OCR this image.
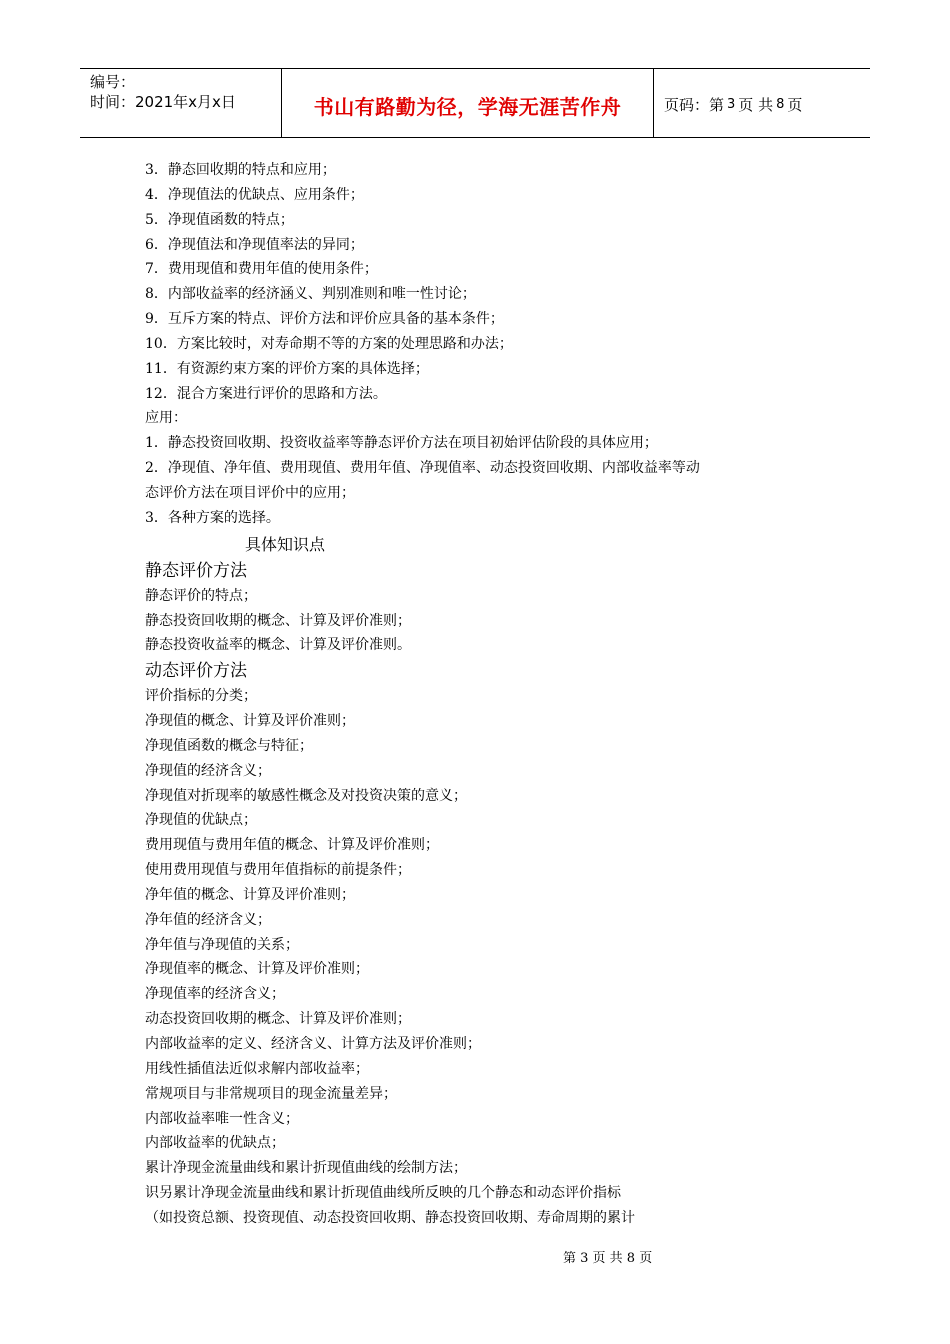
编号：
时间：2021年x月x日	书山有路勤为径，学海无涯苦作舟	页码：第 3 页 共 8 页
3．静态回收期的特点和应用；
4．净现值法的优缺点、应用条件；
5．净现值函数的特点；
6．净现值法和净现值率法的异同；
7．费用现值和费用年值的使用条件；
8．内部收益率的经济涵义、判别准则和唯一性讨论；
9．互斥方案的特点、评价方法和评价应具备的基本条件；
10．方案比较时，对寿命期不等的方案的处理思路和办法；
11．有资源约束方案的评价方案的具体选择；
12．混合方案进行评价的思路和方法。
应用：
1．静态投资回收期、投资收益率等静态评价方法在项目初始评估阶段的具体应用；
2．净现值、净年值、费用现值、费用年值、净现值率、动态投资回收期、内部收益率等动
态评价方法在项目评价中的应用；
3．各种方案的选择。
具体知识点
静态评价方法
静态评价的特点；
静态投资回收期的概念、计算及评价准则；
静态投资收益率的概念、计算及评价准则。
动态评价方法
评价指标的分类；
净现值的概念、计算及评价准则；
净现值函数的概念与特征；
净现值的经济含义；
净现值对折现率的敏感性概念及对投资决策的意义；
净现值的优缺点；
费用现值与费用年值的概念、计算及评价准则；
使用费用现值与费用年值指标的前提条件；
净年值的概念、计算及评价准则；
净年值的经济含义；
净年值与净现值的关系；
净现值率的概念、计算及评价准则；
净现值率的经济含义；
动态投资回收期的概念、计算及评价准则；
内部收益率的定义、经济含义、计算方法及评价准则；
用线性插值法近似求解内部收益率；
常规项目与非常规项目的现金流量差异；
内部收益率唯一性含义；
内部收益率的优缺点；
累计净现金流量曲线和累计折现值曲线的绘制方法；
识另累计净现金流量曲线和累计折现值曲线所反映的几个静态和动态评价指标
（如投资总额、投资现值、动态投资回收期、静态投资回收期、寿命周期的累计
第 3 页 共 8 页
